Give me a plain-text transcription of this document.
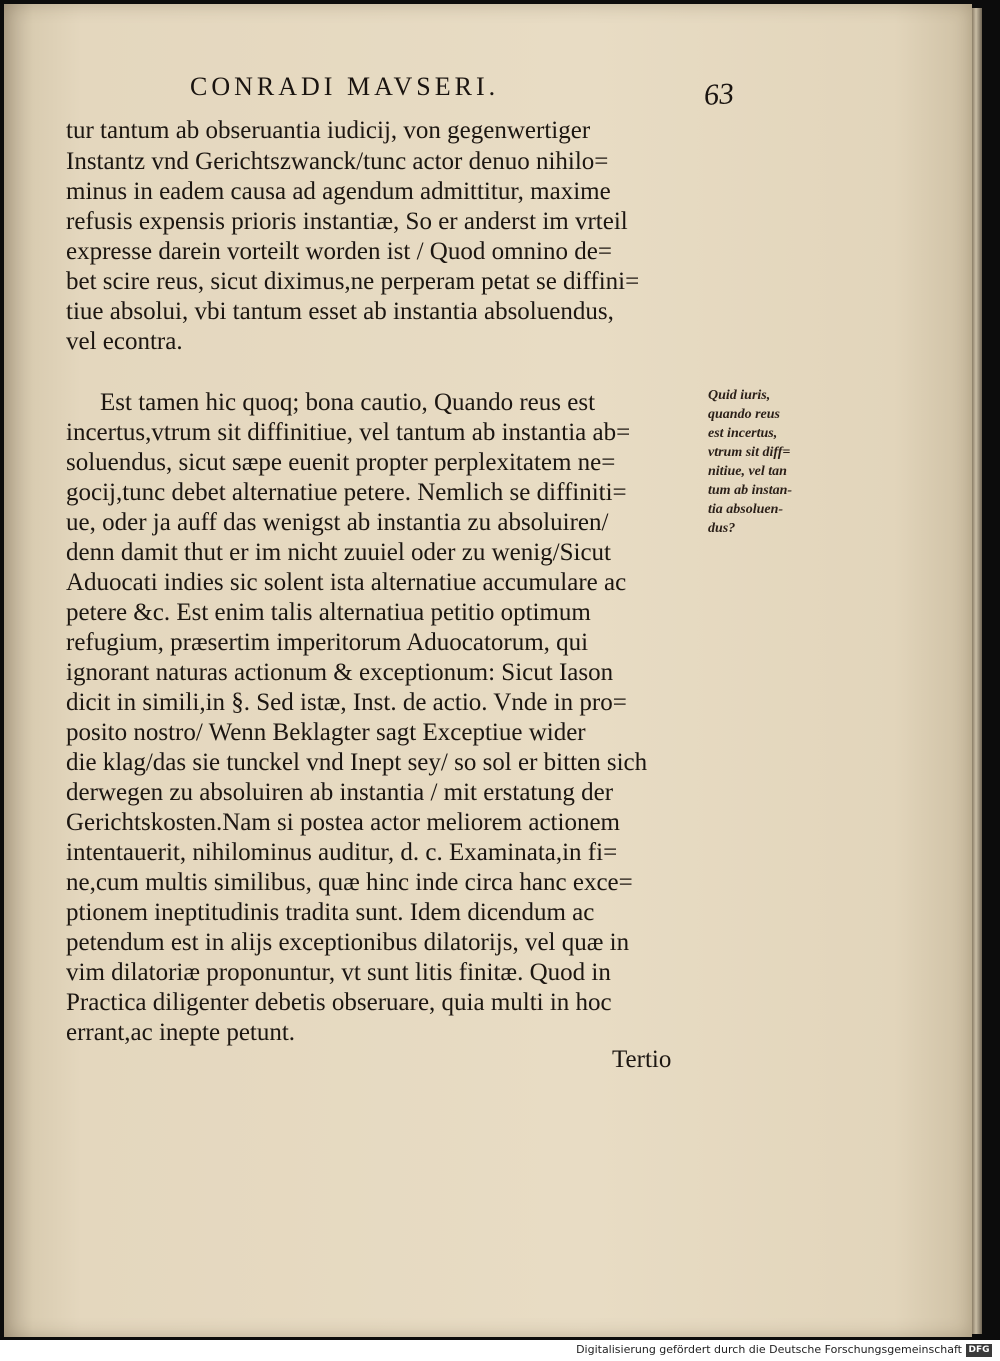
CONRADI MAVSERI.	63
tur tantum ab obseruantia iudicij, von gegenwertiger
Instantz vnd Gerichtszwanck/tunc actor denuo nihilo=
minus in eadem causa ad agendum admittitur, maxime
refusis expensis prioris instantiæ, So er anderst im vrteil
expresse darein vorteilt worden ist / Quod omnino de=
bet scire reus, sicut diximus,ne perperam petat se diffini=
tiue absolui, vbi tantum esset ab instantia absoluendus,
vel econtra.
Est tamen hic quoq; bona cautio, Quando reus est
incertus,vtrum sit diffinitiue, vel tantum ab instantia ab=
soluendus, sicut sæpe euenit propter perplexitatem ne=
gocij,tunc debet alternatiue petere. Nemlich se diffiniti=
ue, oder ja auff das wenigst ab instantia zu absoluiren/
denn damit thut er im nicht zuuiel oder zu wenig/Sicut
Aduocati indies sic solent ista alternatiue accumulare ac
petere &c. Est enim talis alternatiua petitio optimum
refugium, præsertim imperitorum Aduocatorum, qui
ignorant naturas actionum & exceptionum: Sicut Iason
dicit in simili,in §. Sed istæ, Inst. de actio. Vnde in pro=
posito nostro/ Wenn Beklagter sagt Exceptiue wider
die klag/das sie tunckel vnd Inept sey/ so sol er bitten sich
derwegen zu absoluiren ab instantia / mit erstatung der
Gerichtskosten.Nam si postea actor meliorem actionem
intentauerit, nihilominus auditur, d. c. Examinata,in fi=
ne,cum multis similibus, quæ hinc inde circa hanc exce=
ptionem ineptitudinis tradita sunt. Idem dicendum ac
petendum est in alijs exceptionibus dilatorijs, vel quæ in
vim dilatoriæ proponuntur, vt sunt litis finitæ. Quod in
Practica diligenter debetis obseruare, quia multi in hoc
errant,ac inepte petunt.
Tertio
Quid iuris,
quando reus
est incertus,
vtrum sit diff=
nitiue, vel tan
tum ab instan-
tia absoluen-
dus?
Digitalisierung gefördert durch die Deutsche Forschungsgemeinschaft DFG
